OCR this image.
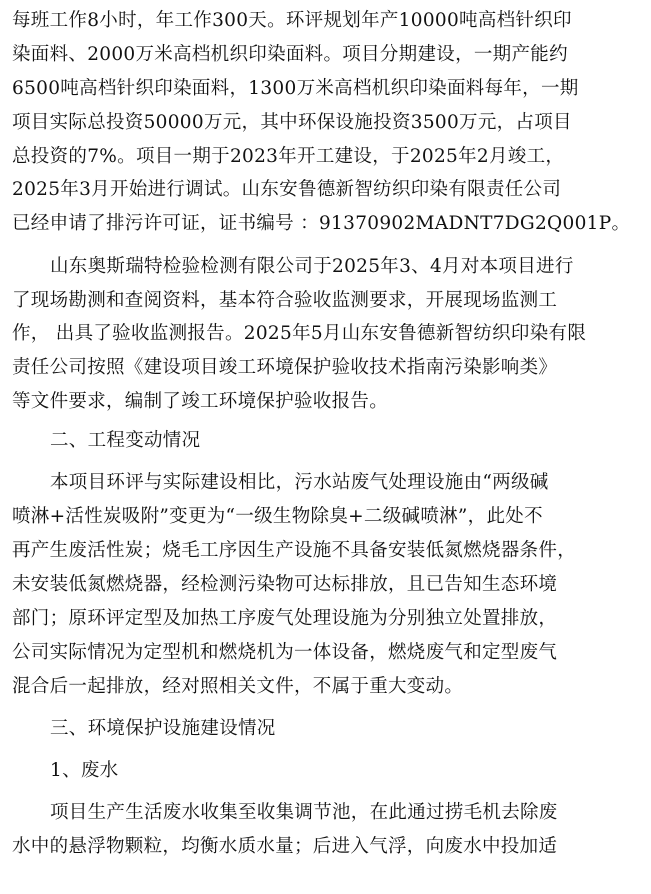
每班工作8小时，年工作300天。环评规划年产10000吨高档针织印
染面料、2000万米高档机织印染面料。项目分期建设，一期产能约
6500吨高档针织印染面料，1300万米高档机织印染面料每年，一期
项目实际总投资50000万元，其中环保设施投资3500万元，占项目
总投资的7%。项目一期于2023年开工建设，于2025年2月竣工，
2025年3月开始进行调试。山东安鲁德新智纺织印染有限责任公司
已经申请了排污许可证，证书编号 ：91370902MADNT7DG2Q001P。
山东奥斯瑞特检验检测有限公司于2025年3、4月对本项目进行
了现场勘测和查阅资料，基本符合验收监测要求，开展现场监测工
作， 出具了验收监测报告。2025年5月山东安鲁德新智纺织印染有限
责任公司按照《建设项目竣工环境保护验收技术指南污染影响类》
等文件要求，编制了竣工环境保护验收报告。
二、工程变动情况
本项目环评与实际建设相比，污水站废气处理设施由“两级碱
喷淋+活性炭吸附”变更为“一级生物除臭+二级碱喷淋”，此处不
再产生废活性炭；烧毛工序因生产设施不具备安装低氮燃烧器条件，
未安装低氮燃烧器，经检测污染物可达标排放，且已告知生态环境
部门；原环评定型及加热工序废气处理设施为分别独立处置排放，
公司实际情况为定型机和燃烧机为一体设备，燃烧废气和定型废气
混合后一起排放，经对照相关文件，不属于重大变动。
三、环境保护设施建设情况
1、废水
项目生产生活废水收集至收集调节池，在此通过捞毛机去除废
水中的悬浮物颗粒，均衡水质水量；后进入气浮，向废水中投加适
